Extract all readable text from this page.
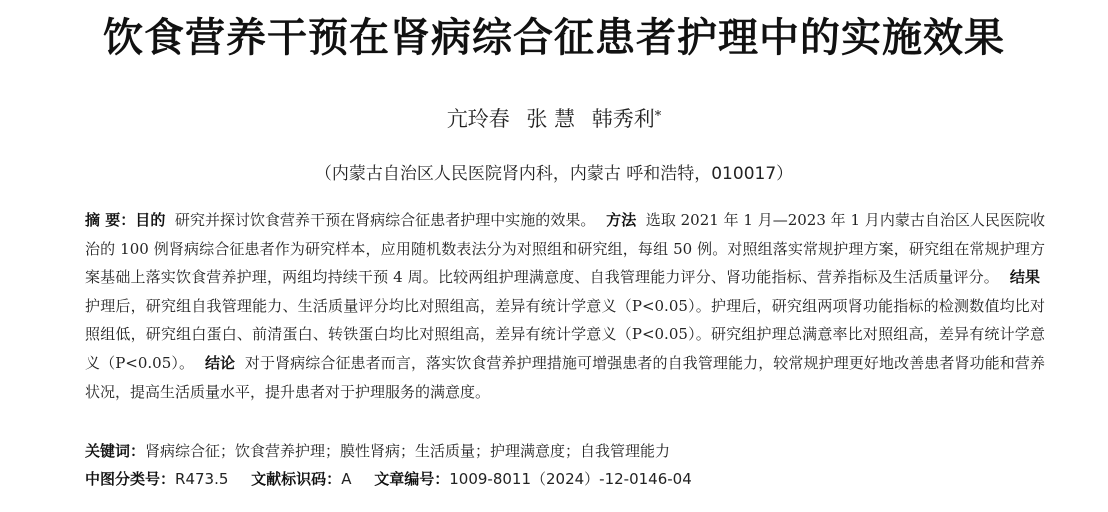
饮食营养干预在肾病综合征患者护理中的实施效果
亢玲春 张 慧 韩秀利*
（内蒙古自治区人民医院肾内科，内蒙古 呼和浩特，010017）
摘 要：目的 研究并探讨饮食营养干预在肾病综合征患者护理中实施的效果。 方法 选取 2021 年 1 月—2023 年 1 月内蒙古自治区人民医院收治的 100 例肾病综合征患者作为研究样本，应用随机数表法分为对照组和研究组，每组 50 例。对照组落实常规护理方案，研究组在常规护理方案基础上落实饮食营养护理，两组均持续干预 4 周。比较两组护理满意度、自我管理能力评分、肾功能指标、营养指标及生活质量评分。 结果  护理后，研究组自我管理能力、生活质量评分均比对照组高，差异有统计学意义（P<0.05）。护理后，研究组两项肾功能指标的检测数值均比对照组低，研究组白蛋白、前清蛋白、转铁蛋白均比对照组高，差异有统计学意义（P<0.05）。研究组护理总满意率比对照组高，差异有统计学意义（P<0.05）。 结论 对于肾病综合征患者而言，落实饮食营养护理措施可增强患者的自我管理能力，较常规护理更好地改善患者肾功能和营养状况，提高生活质量水平，提升患者对于护理服务的满意度。
关键词：肾病综合征；饮食营养护理；膜性肾病；生活质量；护理满意度；自我管理能力
中图分类号：R473.5 文献标识码：A 文章编号：1009-8011（2024）-12-0146-04
